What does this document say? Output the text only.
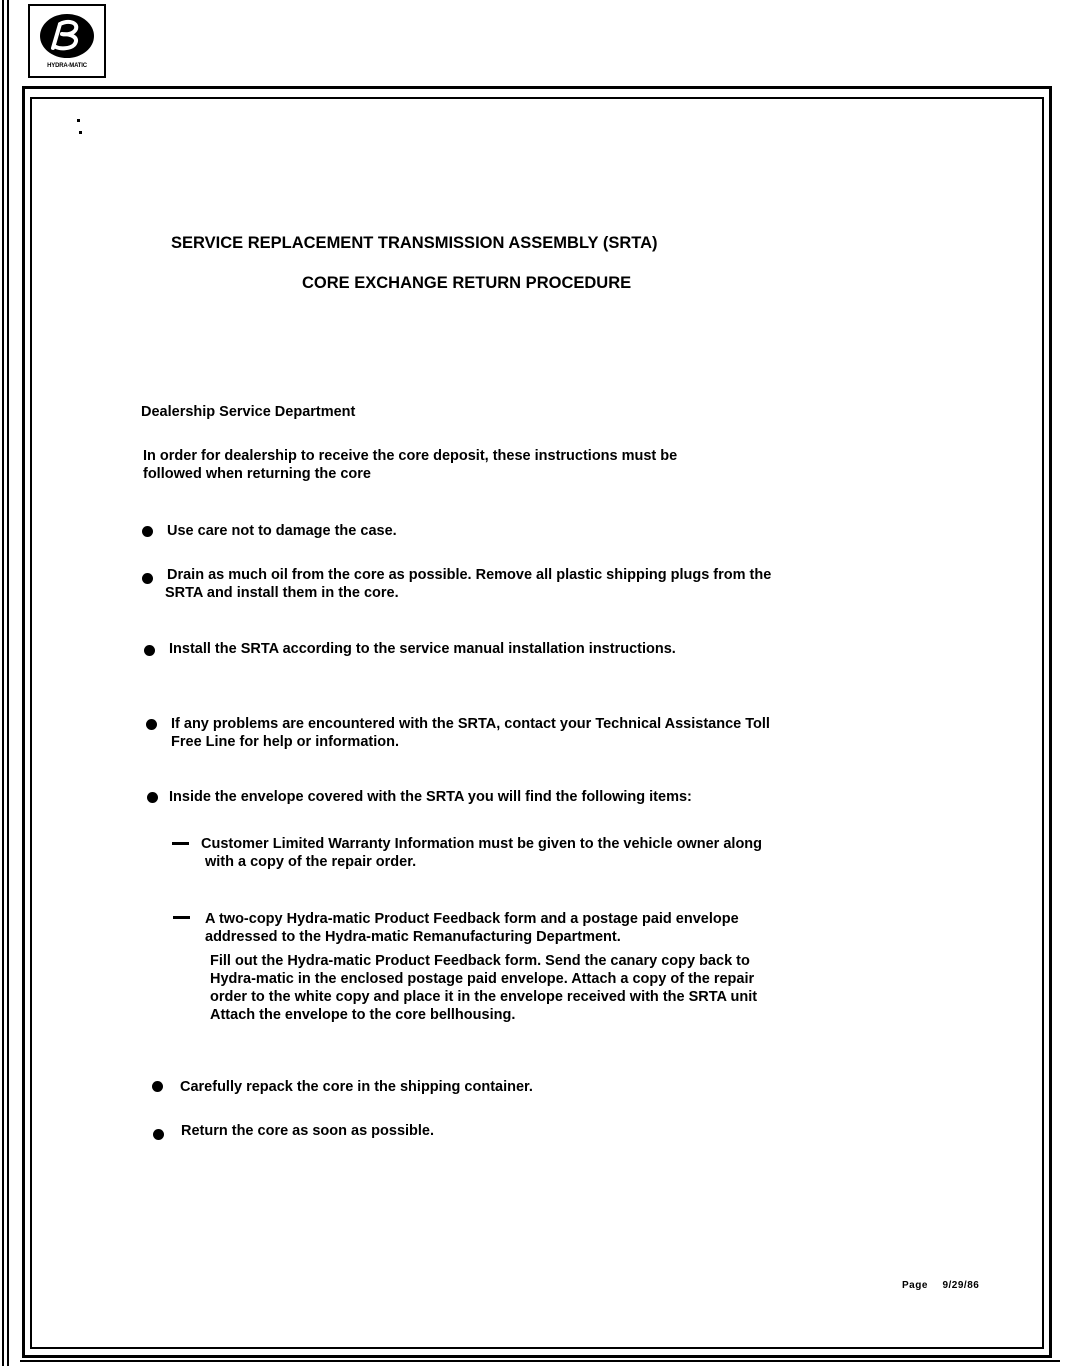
HYDRA-MATIC
SERVICE REPLACEMENT TRANSMISSION ASSEMBLY (SRTA)
CORE EXCHANGE RETURN PROCEDURE
Dealership Service Department
In order for dealership to receive the core deposit, these instructions must be
followed when returning the core
Use care not to damage the case.
Drain as much oil from the core as possible. Remove all plastic shipping plugs from the
SRTA and install them in the core.
Install the SRTA according to the service manual installation instructions.
If any problems are encountered with the SRTA, contact your Technical Assistance Toll
Free Line for help or information.
Inside the envelope covered with the SRTA you will find the following items:
Customer Limited Warranty Information must be given to the vehicle owner along
with a copy of the repair order.
A two-copy Hydra-matic Product Feedback form and a postage paid envelope
addressed to the Hydra-matic Remanufacturing Department.
Fill out the Hydra-matic Product Feedback form. Send the canary copy back to
Hydra-matic in the enclosed postage paid envelope. Attach a copy of the repair
order to the white copy and place it in the envelope received with the SRTA unit
Attach the envelope to the core bellhousing.
Carefully repack the core in the shipping container.
Return the core as soon as possible.
Page 9/29/86
